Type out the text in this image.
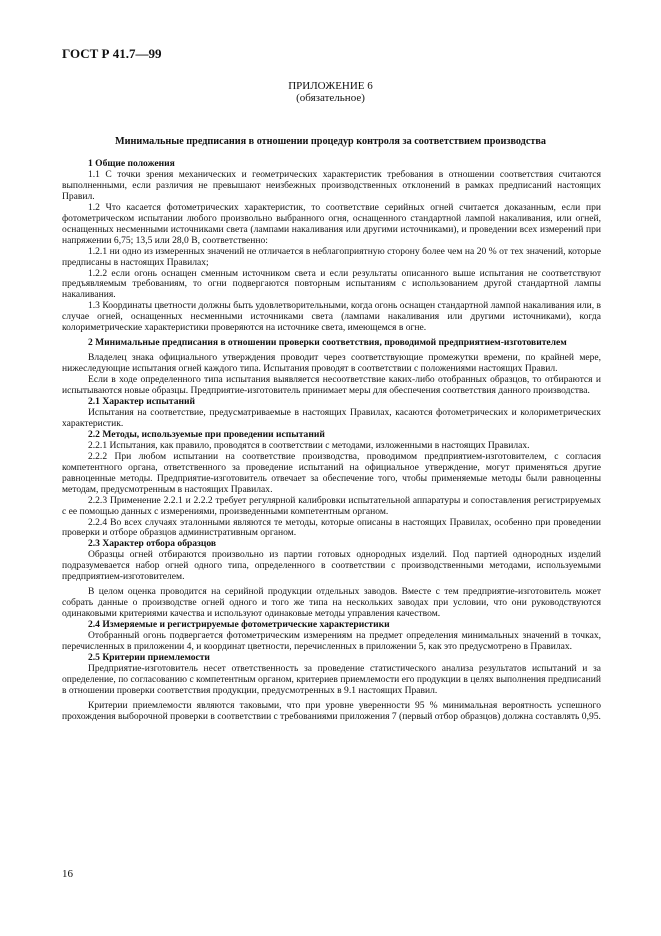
ГОСТ Р 41.7—99
ПРИЛОЖЕНИЕ 6
(обязательное)
Минимальные предписания в отношении процедур контроля за соответствием производства

1 Общие положения

1.1 С точки зрения механических и геометрических характеристик требования в отношении соответствия считаются выполненными, если различия не превышают неизбежных производственных отклонений в рамках предписаний настоящих Правил.

1.2 Что касается фотометрических характеристик, то соответствие серийных огней считается доказанным, если при фотометрическом испытании любого произвольно выбранного огня, оснащенного стандартной лампой накаливания, или огней, оснащенных несменными источниками света (лампами накаливания или другими источниками), и проведении всех измерений при напряжении 6,75; 13,5 или 28,0 В, соответственно:

1.2.1 ни одно из измеренных значений не отличается в неблагоприятную сторону более чем на 20 % от тех значений, которые предписаны в настоящих Правилах;

1.2.2 если огонь оснащен сменным источником света и если результаты описанного выше испытания не соответствуют предъявляемым требованиям, то огни подвергаются повторным испытаниям с использованием другой стандартной лампы накаливания.

1.3 Координаты цветности должны быть удовлетворительными, когда огонь оснащен стандартной лампой накаливания или, в случае огней, оснащенных несменными источниками света (лампами накаливания или другими источниками), когда колориметрические характеристики проверяются на источнике света, имеющемся в огне.

2 Минимальные предписания в отношении проверки соответствия, проводимой предприятием-изготовителем

Владелец знака официального утверждения проводит через соответствующие промежутки времени, по крайней мере, нижеследующие испытания огней каждого типа. Испытания проводят в соответствии с положениями настоящих Правил.

Если в ходе определенного типа испытания выявляется несоответствие каких-либо отобранных образцов, то отбираются и испытываются новые образцы. Предприятие-изготовитель принимает меры для обеспечения соответствия данного производства.

2.1 Характер испытаний

Испытания на соответствие, предусматриваемые в настоящих Правилах, касаются фотометрических и колориметрических характеристик.

2.2 Методы, используемые при проведении испытаний

2.2.1 Испытания, как правило, проводятся в соответствии с методами, изложенными в настоящих Правилах.

2.2.2 При любом испытании на соответствие производства, проводимом предприятием-изготовителем, с согласия компетентного органа, ответственного за проведение испытаний на официальное утверждение, могут применяться другие равноценные методы. Предприятие-изготовитель отвечает за обеспечение того, чтобы применяемые методы были равноценны методам, предусмотренным в настоящих Правилах.

2.2.3 Применение 2.2.1 и 2.2.2 требует регулярной калибровки испытательной аппаратуры и сопоставления регистрируемых с ее помощью данных с измерениями, произведенными компетентным органом.

2.2.4 Во всех случаях эталонными являются те методы, которые описаны в настоящих Правилах, особенно при проведении проверки и отборе образцов административным органом.

2.3 Характер отбора образцов

Образцы огней отбираются произвольно из партии готовых однородных изделий. Под партией однородных изделий подразумевается набор огней одного типа, определенного в соответствии с производственными методами, используемыми предприятием-изготовителем.

В целом оценка проводится на серийной продукции отдельных заводов. Вместе с тем предприятие-изготовитель может собрать данные о производстве огней одного и того же типа на нескольких заводах при условии, что они руководствуются одинаковыми критериями качества и используют одинаковые методы управления качеством.

2.4 Измеряемые и регистрируемые фотометрические характеристики

Отобранный огонь подвергается фотометрическим измерениям на предмет определения минимальных значений в точках, перечисленных в приложении 4, и координат цветности, перечисленных в приложении 5, как это предусмотрено в Правилах.

2.5 Критерии приемлемости

Предприятие-изготовитель несет ответственность за проведение статистического анализа результатов испытаний и за определение, по согласованию с компетентным органом, критериев приемлемости его продукции в целях выполнения предписаний в отношении проверки соответствия продукции, предусмотренных в 9.1 настоящих Правил.

Критерии приемлемости являются таковыми, что при уровне уверенности 95 % минимальная вероятность успешного прохождения выборочной проверки в соответствии с требованиями приложения 7 (первый отбор образцов) должна составлять 0,95.

16
